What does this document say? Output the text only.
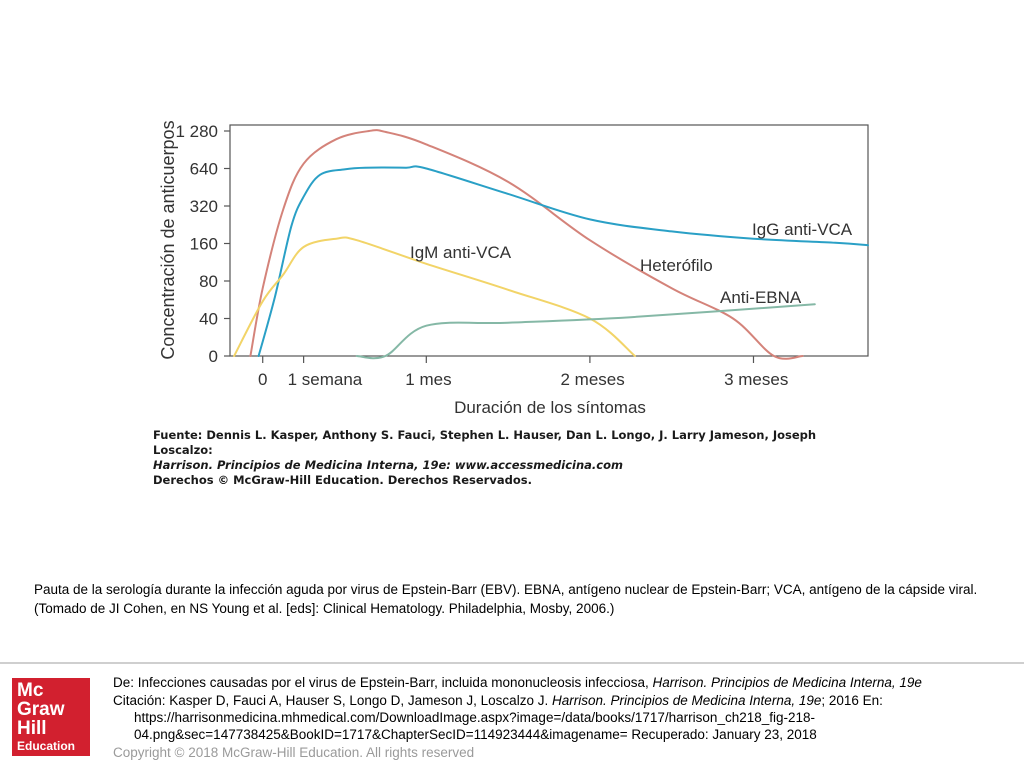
0
40
80
160
320
640
1 280
0 1 semana	1 mes	2 meses	3 meses
Concentración de anticuerpos
Duración de los síntomas
IgM anti-VCA
Heterófilo
IgG anti-VCA
Anti-EBNA
Fuente: Dennis L. Kasper, Anthony S. Fauci, Stephen L. Hauser, Dan L. Longo, J. Larry Jameson, Joseph Loscalzo:
Harrison. Principios de Medicina Interna, 19e: www.accessmedicina.com
Derechos © McGraw-Hill Education. Derechos Reservados.
Pauta de la serología durante la infección aguda por virus de Epstein-Barr (EBV). EBNA, antígeno nuclear de Epstein-Barr; VCA, antígeno de la cápside viral. (Tomado de JI Cohen, en NS Young et al. [eds]: Clinical Hematology. Philadelphia, Mosby, 2006.)
Mc
Graw
Hill
Education
De: Infecciones causadas por el virus de Epstein-Barr, incluida mononucleosis infecciosa, Harrison. Principios de Medicina Interna, 19e
Citación: Kasper D, Fauci A, Hauser S, Longo D, Jameson J, Loscalzo J. Harrison. Principios de Medicina Interna, 19e; 2016 En: https://harrisonmedicina.mhmedical.com/DownloadImage.aspx?image=/data/books/1717/harrison_ch218_fig-218-04.png&sec=147738425&BookID=1717&ChapterSecID=114923444&imagename= Recuperado: January 23, 2018
Copyright © 2018 McGraw-Hill Education. All rights reserved
